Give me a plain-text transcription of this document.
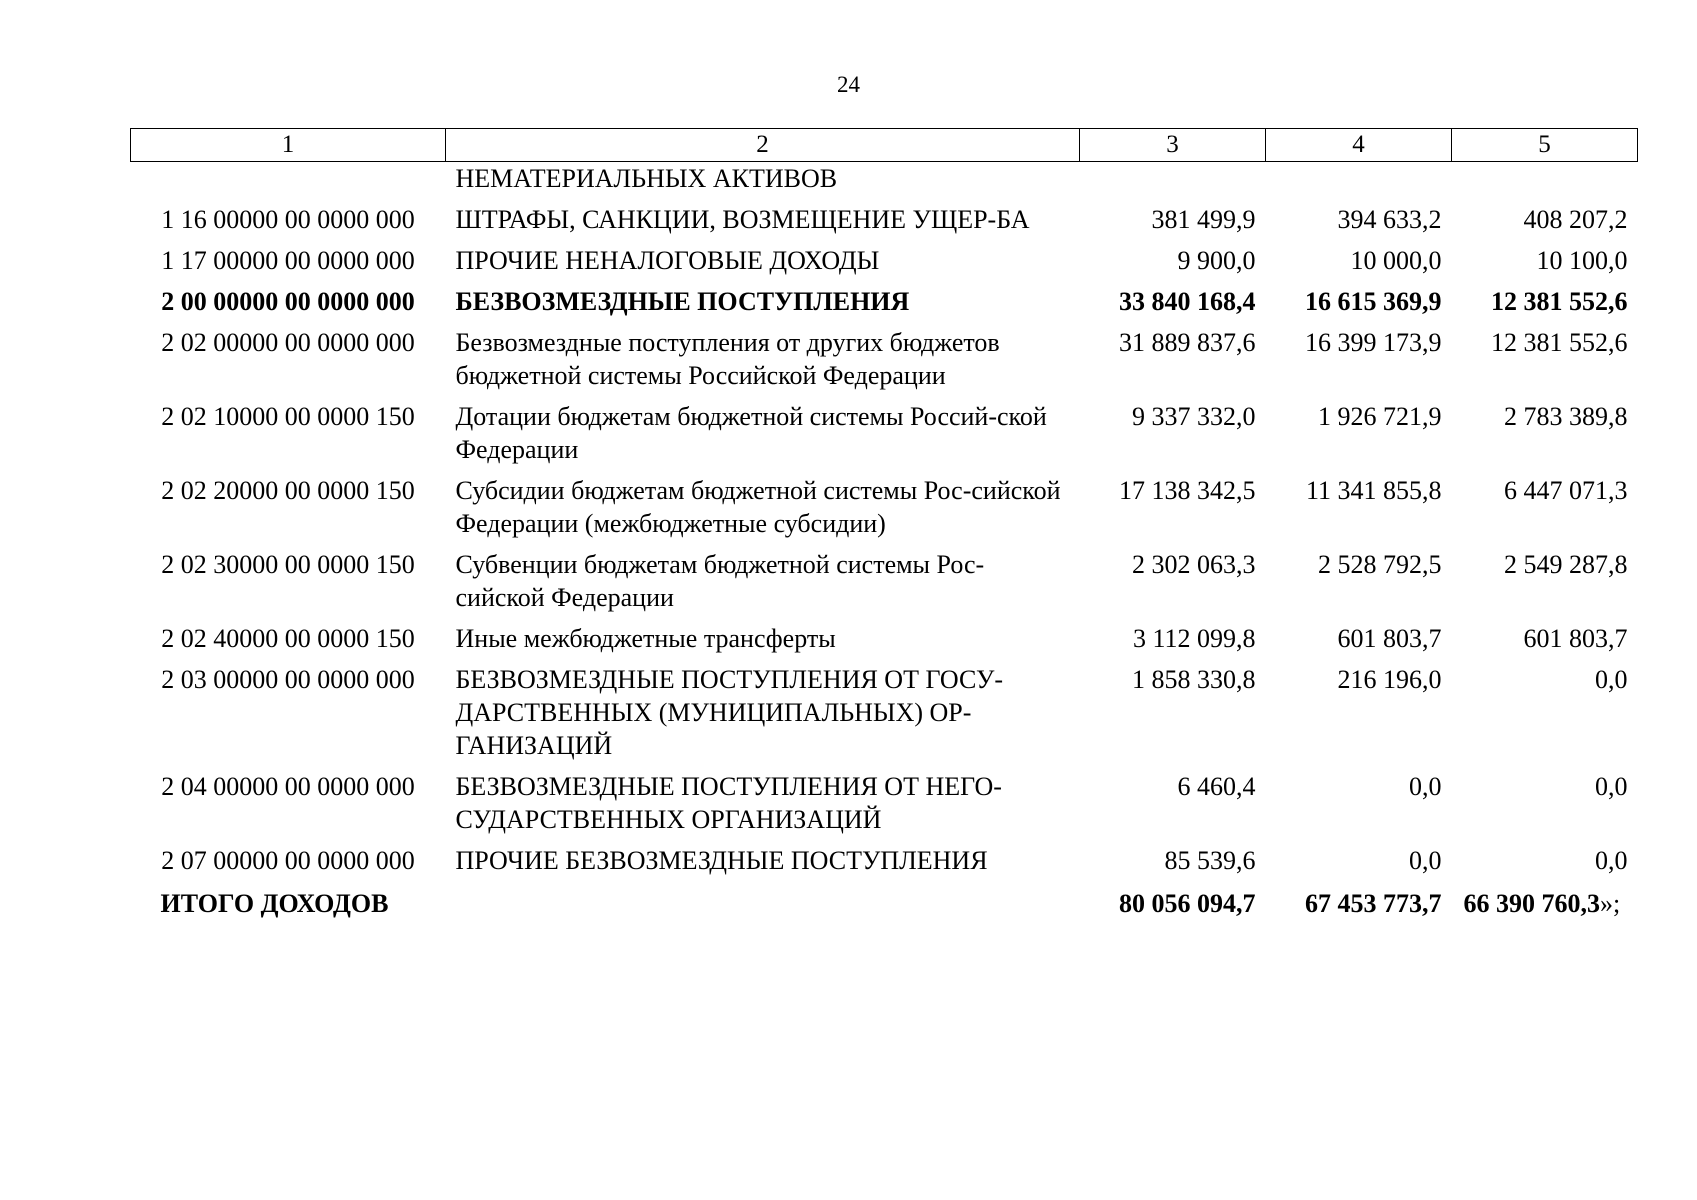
24
1	2	3	4	5
	НЕМАТЕРИАЛЬНЫХ АКТИВОВ			
1 16 00000 00 0000 000	ШТРАФЫ, САНКЦИИ, ВОЗМЕЩЕНИЕ УЩЕР-БА	381 499,9	394 633,2	408 207,2
1 17 00000 00 0000 000	ПРОЧИЕ НЕНАЛОГОВЫЕ ДОХОДЫ	9 900,0	10 000,0	10 100,0
2 00 00000 00 0000 000	БЕЗВОЗМЕЗДНЫЕ ПОСТУПЛЕНИЯ	33 840 168,4	16 615 369,9	12 381 552,6
2 02 00000 00 0000 000	Безвозмездные поступления от других бюджетов бюджетной системы Российской Федерации	31 889 837,6	16 399 173,9	12 381 552,6
2 02 10000 00 0000 150	Дотации бюджетам бюджетной системы Россий-ской Федерации	9 337 332,0	1 926 721,9	2 783 389,8
2 02 20000 00 0000 150	Субсидии бюджетам бюджетной системы Рос-сийской Федерации (межбюджетные субсидии)	17 138 342,5	11 341 855,8	6 447 071,3
2 02 30000 00 0000 150	Субвенции бюджетам бюджетной системы Рос-сийской Федерации	2 302 063,3	2 528 792,5	2 549 287,8
2 02 40000 00 0000 150	Иные межбюджетные трансферты	3 112 099,8	601 803,7	601 803,7
2 03 00000 00 0000 000	БЕЗВОЗМЕЗДНЫЕ ПОСТУПЛЕНИЯ ОТ ГОСУ-ДАРСТВЕННЫХ (МУНИЦИПАЛЬНЫХ) ОР-ГАНИЗАЦИЙ	1 858 330,8	216 196,0	0,0
2 04 00000 00 0000 000	БЕЗВОЗМЕЗДНЫЕ ПОСТУПЛЕНИЯ ОТ НЕГО-СУДАРСТВЕННЫХ ОРГАНИЗАЦИЙ	6 460,4	0,0	0,0
2 07 00000 00 0000 000	ПРОЧИЕ БЕЗВОЗМЕЗДНЫЕ ПОСТУПЛЕНИЯ	85 539,6	0,0	0,0
ИТОГО ДОХОДОВ		80 056 094,7	67 453 773,7	66 390 760,3»;
